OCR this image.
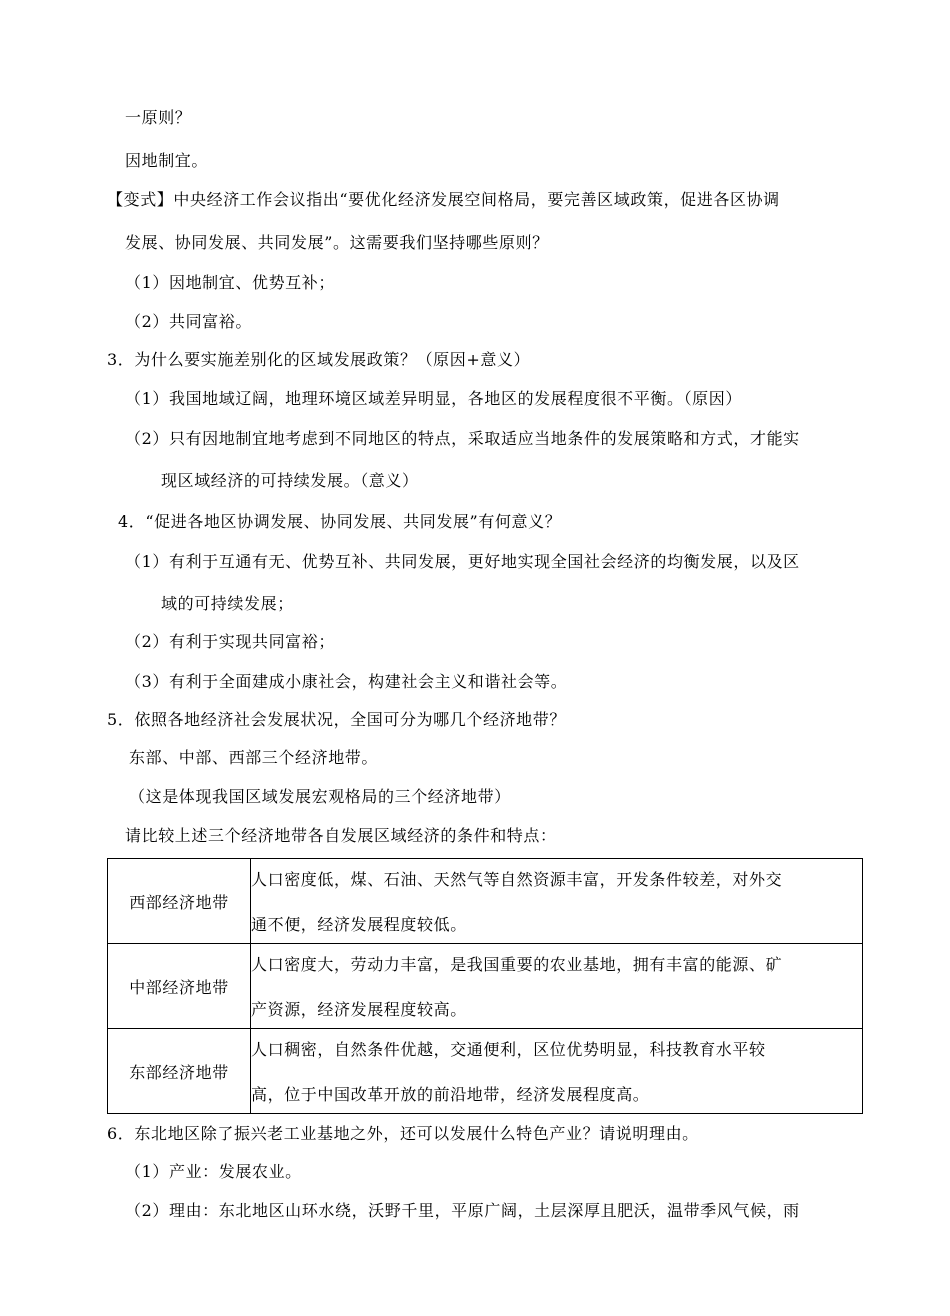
一原则？
因地制宜。
【变式】中央经济工作会议指出“要优化经济发展空间格局，要完善区域政策，促进各区协调
发展、协同发展、共同发展”。这需要我们坚持哪些原则？
（1）因地制宜、优势互补；
（2）共同富裕。
3．为什么要实施差别化的区域发展政策？（原因+意义）
（1）我国地域辽阔，地理环境区域差异明显，各地区的发展程度很不平衡。（原因）
（2）只有因地制宜地考虑到不同地区的特点，采取适应当地条件的发展策略和方式，才能实
现区域经济的可持续发展。（意义）
4．“促进各地区协调发展、协同发展、共同发展”有何意义？
（1）有利于互通有无、优势互补、共同发展，更好地实现全国社会经济的均衡发展，以及区
域的可持续发展；
（2）有利于实现共同富裕；
（3）有利于全面建成小康社会，构建社会主义和谐社会等。
5．依照各地经济社会发展状况，全国可分为哪几个经济地带？
东部、中部、西部三个经济地带。
（这是体现我国区域发展宏观格局的三个经济地带）
请比较上述三个经济地带各自发展区域经济的条件和特点：
西部经济地带	人口密度低，煤、石油、天然气等自然资源丰富，开发条件较差，对外交
通不便，经济发展程度较低。

中部经济地带	人口密度大，劳动力丰富，是我国重要的农业基地，拥有丰富的能源、矿
产资源，经济发展程度较高。

东部经济地带	人口稠密，自然条件优越，交通便利，区位优势明显，科技教育水平较
高，位于中国改革开放的前沿地带，经济发展程度高。
6．东北地区除了振兴老工业基地之外，还可以发展什么特色产业？请说明理由。
（1）产业：发展农业。
（2）理由：东北地区山环水绕，沃野千里，平原广阔，土层深厚且肥沃，温带季风气候，雨
